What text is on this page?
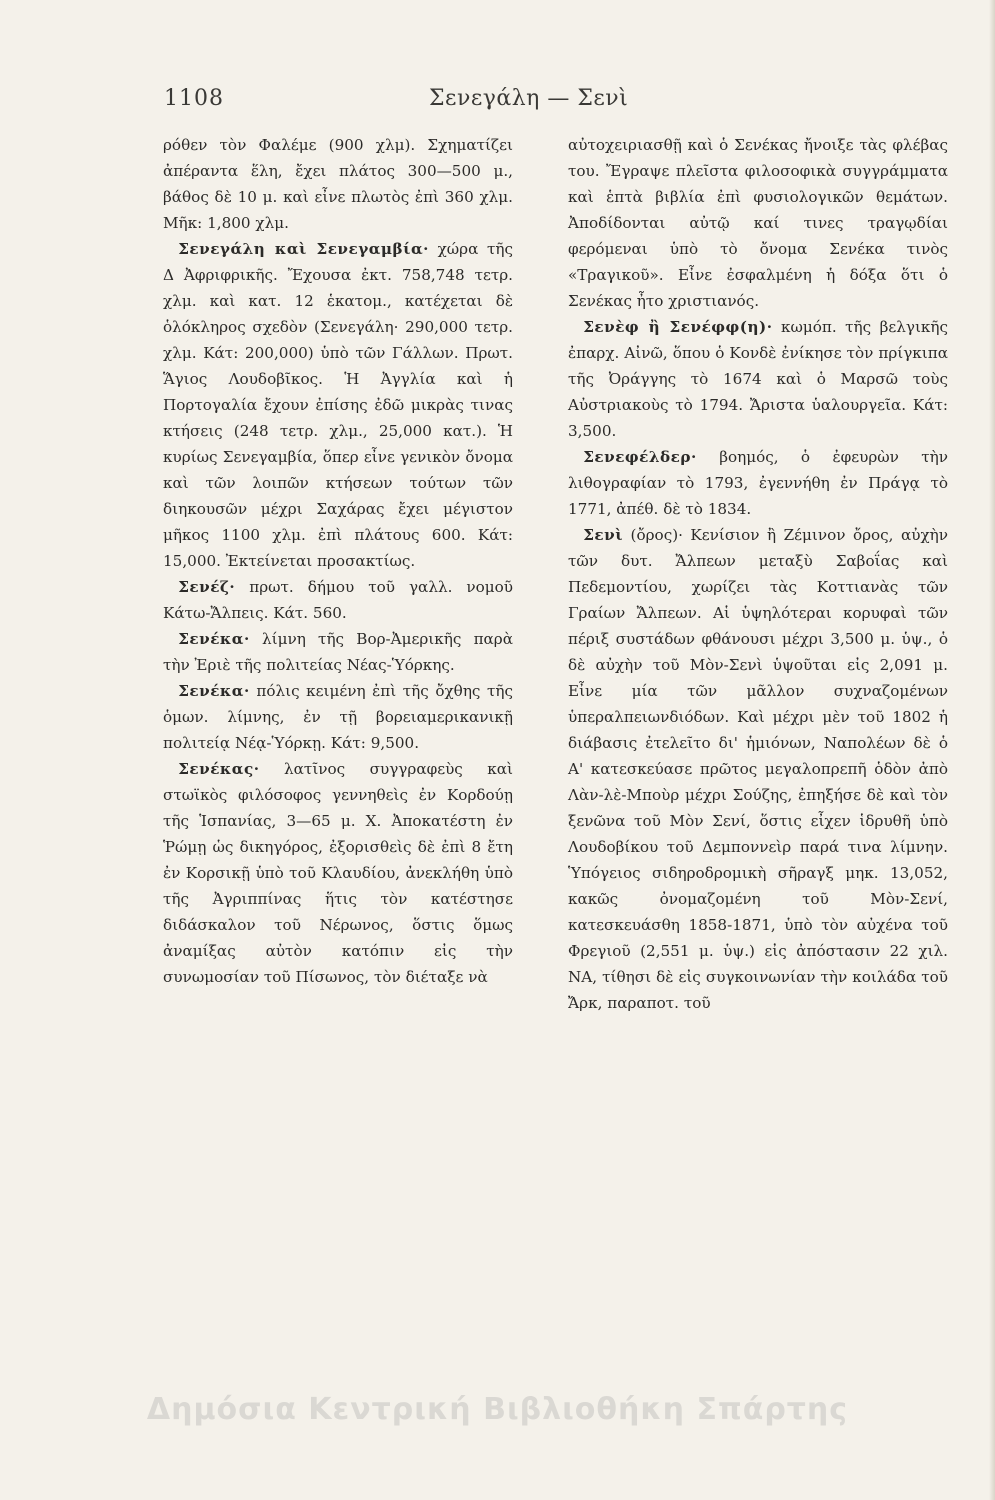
1108	Σενεγάλη — Σενὶ

ρόθεν τὸν Φαλέμε (900 χλμ). Σχηματίζει ἀπέραντα ἕλη, ἔχει πλάτος 300—500 μ., βάθος δὲ 10 μ. καὶ εἶνε πλωτὸς ἐπὶ 360 χλμ. Μῆκ: 1,800 χλμ.

 Σενεγάλη καὶ Σενεγαμβία· χώρα τῆς Δ Ἀφριφρικῆς. Ἔχουσα ἐκτ. 758,748 τετρ. χλμ. καὶ κατ. 12 ἑκατομ., κατέχεται δὲ ὁλόκληρος σχεδὸν (Σενεγάλη· 290,000 τετρ. χλμ. Κάτ: 200,000) ὑπὸ τῶν Γάλλων. Πρωτ. Ἅγιος Λουδοβῖκος. Ἡ Ἀγγλία καὶ ἡ Πορτογαλία ἔχουν ἐπίσης ἐδῶ μικρὰς τινας κτήσεις (248 τετρ. χλμ., 25,000 κατ.). Ἡ κυρίως Σενεγαμβία, ὅπερ εἶνε γενικὸν ὄνομα καὶ τῶν λοιπῶν κτήσεων τούτων τῶν διηκουσῶν μέχρι Σαχάρας ἔχει μέγιστον μῆκος 1100 χλμ. ἐπὶ πλάτους 600. Κάτ: 15,000. Ἐκτείνεται προσακτίως.

 Σενέζ· πρωτ. δήμου τοῦ γαλλ. νομοῦ Κάτω-Ἄλπεις. Κάτ. 560.

 Σενέκα· λίμνη τῆς Βορ-Ἀμερικῆς παρὰ τὴν Ἐριὲ τῆς πολιτείας Νέας-Ὑόρκης.

 Σενέκα· πόλις κειμένη ἐπὶ τῆς ὄχθης τῆς ὁμων. λίμνης, ἐν τῇ βορειαμερικανικῇ πολιτείᾳ Νέᾳ-Ὑόρκῃ. Κάτ: 9,500.

 Σενέκας· λατῖνος συγγραφεὺς καὶ στωϊκὸς φιλόσοφος γεννηθεὶς ἐν Κορδούῃ τῆς Ἱσπανίας, 3—65 μ. Χ. Ἀποκατέστη ἐν Ῥώμῃ ὡς δικηγόρος, ἐξορισθεὶς δὲ ἐπὶ 8 ἔτη ἐν Κορσικῇ ὑπὸ τοῦ Κλαυδίου, ἀνεκλήθη ὑπὸ τῆς Ἀγριππίνας ἥτις τὸν κατέστησε διδάσκαλον τοῦ Νέρωνος, ὅστις ὅμως ἀναμίξας αὐτὸν κατόπιν εἰς τὴν συνωμοσίαν τοῦ Πίσωνος, τὸν διέταξε νὰ

αὐτοχειριασθῇ καὶ ὁ Σενέκας ἤνοιξε τὰς φλέβας του. Ἔγραψε πλεῖστα φιλοσοφικὰ συγγράμματα καὶ ἑπτὰ βιβλία ἐπὶ φυσιολογικῶν θεμάτων. Ἀποδίδονται αὐτῷ καί τινες τραγῳδίαι φερόμεναι ὑπὸ τὸ ὄνομα Σενέκα τινὸς «Τραγικοῦ». Εἶνε ἐσφαλμένη ἡ δόξα ὅτι ὁ Σενέκας ἦτο χριστιανός.

 Σενὲφ ἢ Σενέφφ(η)· κωμόπ. τῆς βελγικῆς ἐπαρχ. Αἰνῶ, ὅπου ὁ Κονδὲ ἐνίκησε τὸν πρίγκιπα τῆς Ὀράγγης τὸ 1674 καὶ ὁ Μαρσῶ τοὺς Αὐστριακοὺς τὸ 1794. Ἄριστα ὑαλουργεῖα. Κάτ: 3,500.

 Σενεφέλδερ· βοημός, ὁ ἐφευρὼν τὴν λιθογραφίαν τὸ 1793, ἐγεννήθη ἐν Πράγᾳ τὸ 1771, ἀπέθ. δὲ τὸ 1834.

 Σενὶ (ὄρος)· Κενίσιον ἢ Ζέμινον ὄρος, αὐχὴν τῶν δυτ. Ἄλπεων μεταξὺ Σαβοΐας καὶ Πεδεμοντίου, χωρίζει τὰς Κοττιανὰς τῶν Γραίων Ἄλπεων. Αἱ ὑψηλότεραι κορυφαὶ τῶν πέριξ συστάδων φθάνουσι μέχρι 3,500 μ. ὑψ., ὁ δὲ αὐχὴν τοῦ Μὸν-Σενὶ ὑψοῦται εἰς 2,091 μ. Εἶνε μία τῶν μᾶλλον συχναζομένων ὑπεραλπειωνδιόδων. Καὶ μέχρι μὲν τοῦ 1802 ἡ διάβασις ἐτελεῖτο δι' ἡμιόνων, Ναπολέων δὲ ὁ Α' κατεσκεύασε πρῶτος μεγαλοπρεπῆ ὁδὸν ἀπὸ Λὰν-λὲ-Μποὺρ μέχρι Σούζης, ἐπηξήσε δὲ καὶ τὸν ξενῶνα τοῦ Μὸν Σενί, ὅστις εἶχεν ἱδρυθῆ ὑπὸ Λουδοβίκου τοῦ Δεμποννεὶρ παρά τινα λίμνην. Ὑπόγειος σιδηροδρομικὴ σῆραγξ μηκ. 13,052, κακῶς ὀνομαζομένη τοῦ Μὸν-Σενί, κατεσκευάσθη 1858-1871, ὑπὸ τὸν αὐχένα τοῦ Φρεγιοῦ (2,551 μ. ὑψ.) εἰς ἀπόστασιν 22 χιλ. ΝΑ, τίθησι δὲ εἰς συγκοινωνίαν τὴν κοιλάδα τοῦ Ἄρκ, παραποτ. τοῦ

Δημόσια Κεντρική Βιβλιοθήκη Σπάρτης
